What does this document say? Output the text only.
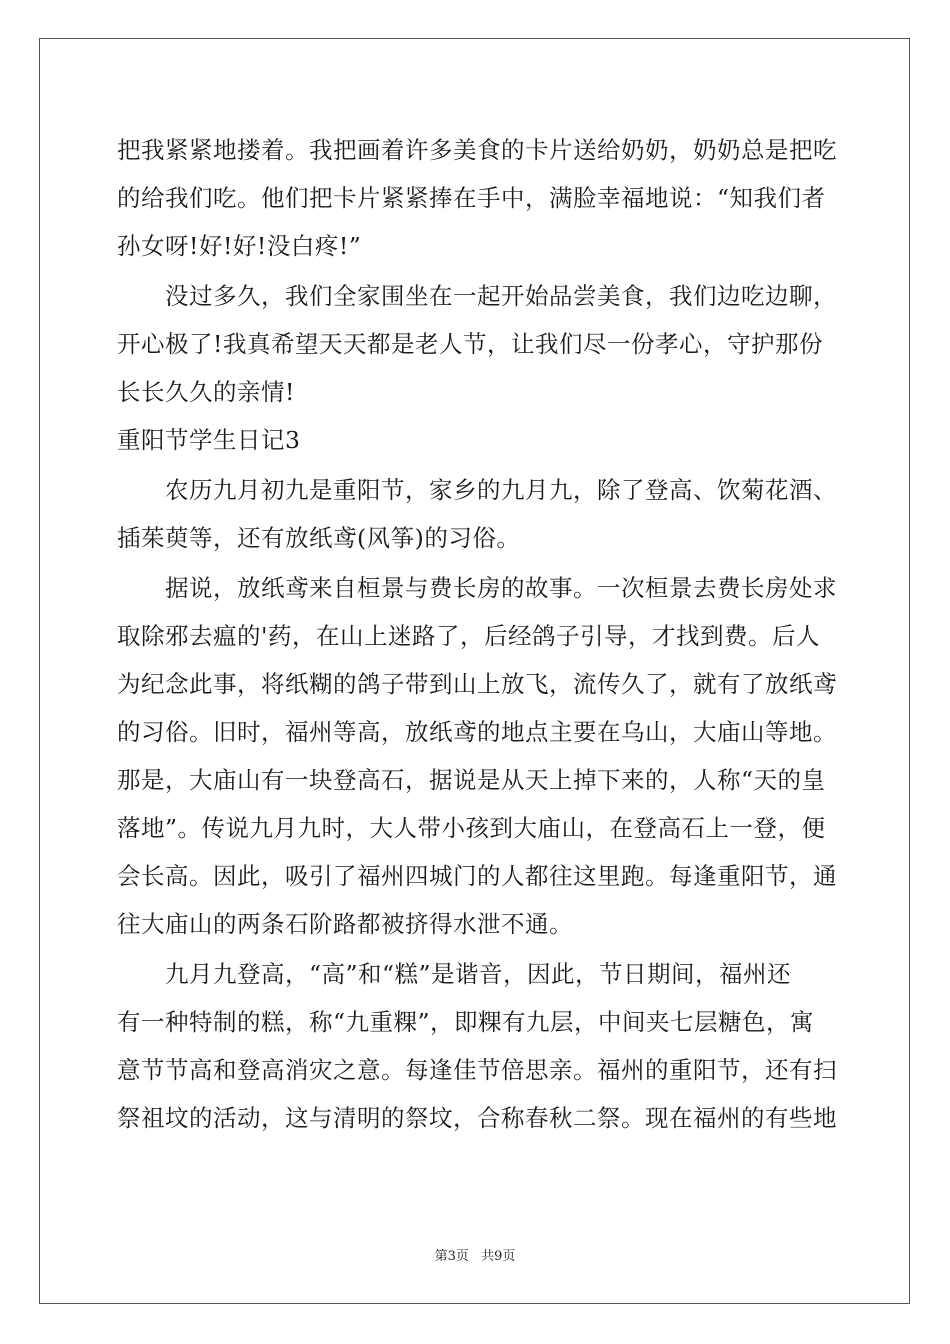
把我紧紧地搂着。我把画着许多美食的卡片送给奶奶，奶奶总是把吃
的给我们吃。他们把卡片紧紧捧在手中，满脸幸福地说：“知我们者
孙女呀!好!好!没白疼!”
　　没过多久，我们全家围坐在一起开始品尝美食，我们边吃边聊，
开心极了!我真希望天天都是老人节，让我们尽一份孝心，守护那份
长长久久的亲情!
重阳节学生日记3
　　农历九月初九是重阳节，家乡的九月九，除了登高、饮菊花酒、
插茱萸等，还有放纸鸢(风筝)的习俗。
　　据说，放纸鸢来自桓景与费长房的故事。一次桓景去费长房处求
取除邪去瘟的'药，在山上迷路了，后经鸽子引导，才找到费。后人
为纪念此事，将纸糊的鸽子带到山上放飞，流传久了，就有了放纸鸢
的习俗。旧时，福州等高，放纸鸢的地点主要在乌山，大庙山等地。
那是，大庙山有一块登高石，据说是从天上掉下来的，人称“天的皇
落地”。传说九月九时，大人带小孩到大庙山，在登高石上一登，便
会长高。因此，吸引了福州四城门的人都往这里跑。每逢重阳节，通
往大庙山的两条石阶路都被挤得水泄不通。
　　九月九登高，“高”和“糕”是谐音，因此，节日期间，福州还
有一种特制的糕，称“九重粿”，即粿有九层，中间夹七层糖色，寓
意节节高和登高消灾之意。每逢佳节倍思亲。福州的重阳节，还有扫
祭祖坟的活动，这与清明的祭坟，合称春秋二祭。现在福州的有些地
第3页 共9页
